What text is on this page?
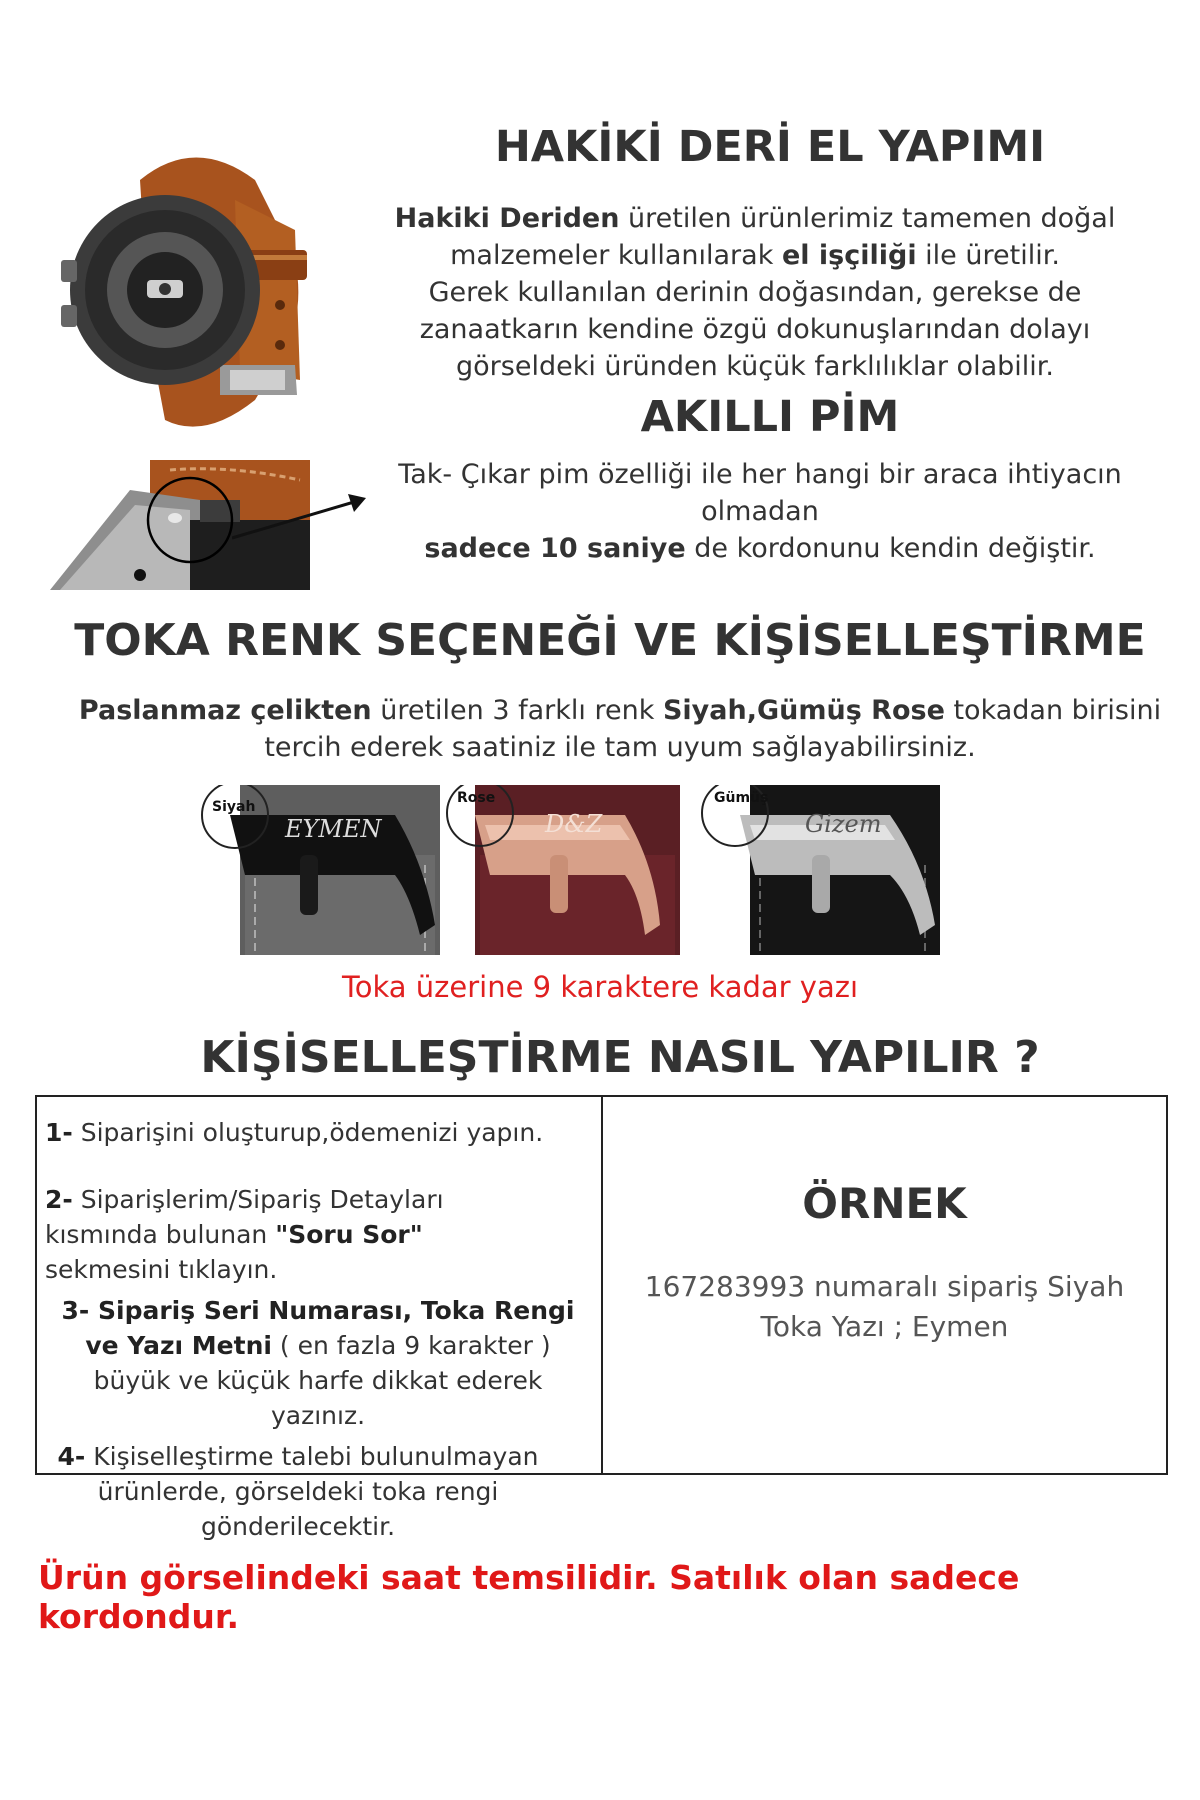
HAKİKİ DERİ EL YAPIMI
Hakiki Deriden üretilen ürünlerimiz tamemen doğal malzemeler kullanılarak el işçiliği ile üretilir.
Gerek kullanılan derinin doğasından, gerekse de zanaatkarın kendine özgü dokunuşlarından dolayı görseldeki üründen küçük farklılıklar olabilir.
AKILLI PİM
Tak- Çıkar pim özelliği ile her hangi bir araca ihtiyacın olmadan
sadece 10 saniye de kordonunu kendin değiştir.
TOKA RENK SEÇENEĞİ VE KİŞİSELLEŞTİRME
Paslanmaz çelikten üretilen 3 farklı renk Siyah,Gümüş Rose tokadan birisini tercih ederek saatiniz ile tam uyum sağlayabilirsiniz.
Siyah
EYMEN
Rose
D&Z
Gümüş
Gizem
Toka üzerine 9 karaktere kadar yazı
KİŞİSELLEŞTİRME NASIL YAPILIR ?
1- Siparişini oluşturup,ödemenizi yapın.
2- Siparişlerim/Sipariş Detayları kısmında bulunan "Soru Sor" sekmesini tıklayın.
3- Sipariş Seri Numarası, Toka Rengi ve Yazı Metni ( en fazla 9 karakter ) büyük ve küçük harfe dikkat ederek yazınız.
4- Kişiselleştirme talebi bulunulmayan ürünlerde, görseldeki toka rengi gönderilecektir.
ÖRNEK
167283993 numaralı sipariş Siyah Toka Yazı ; Eymen
Ürün görselindeki saat temsilidir. Satılık olan sadece kordondur.
